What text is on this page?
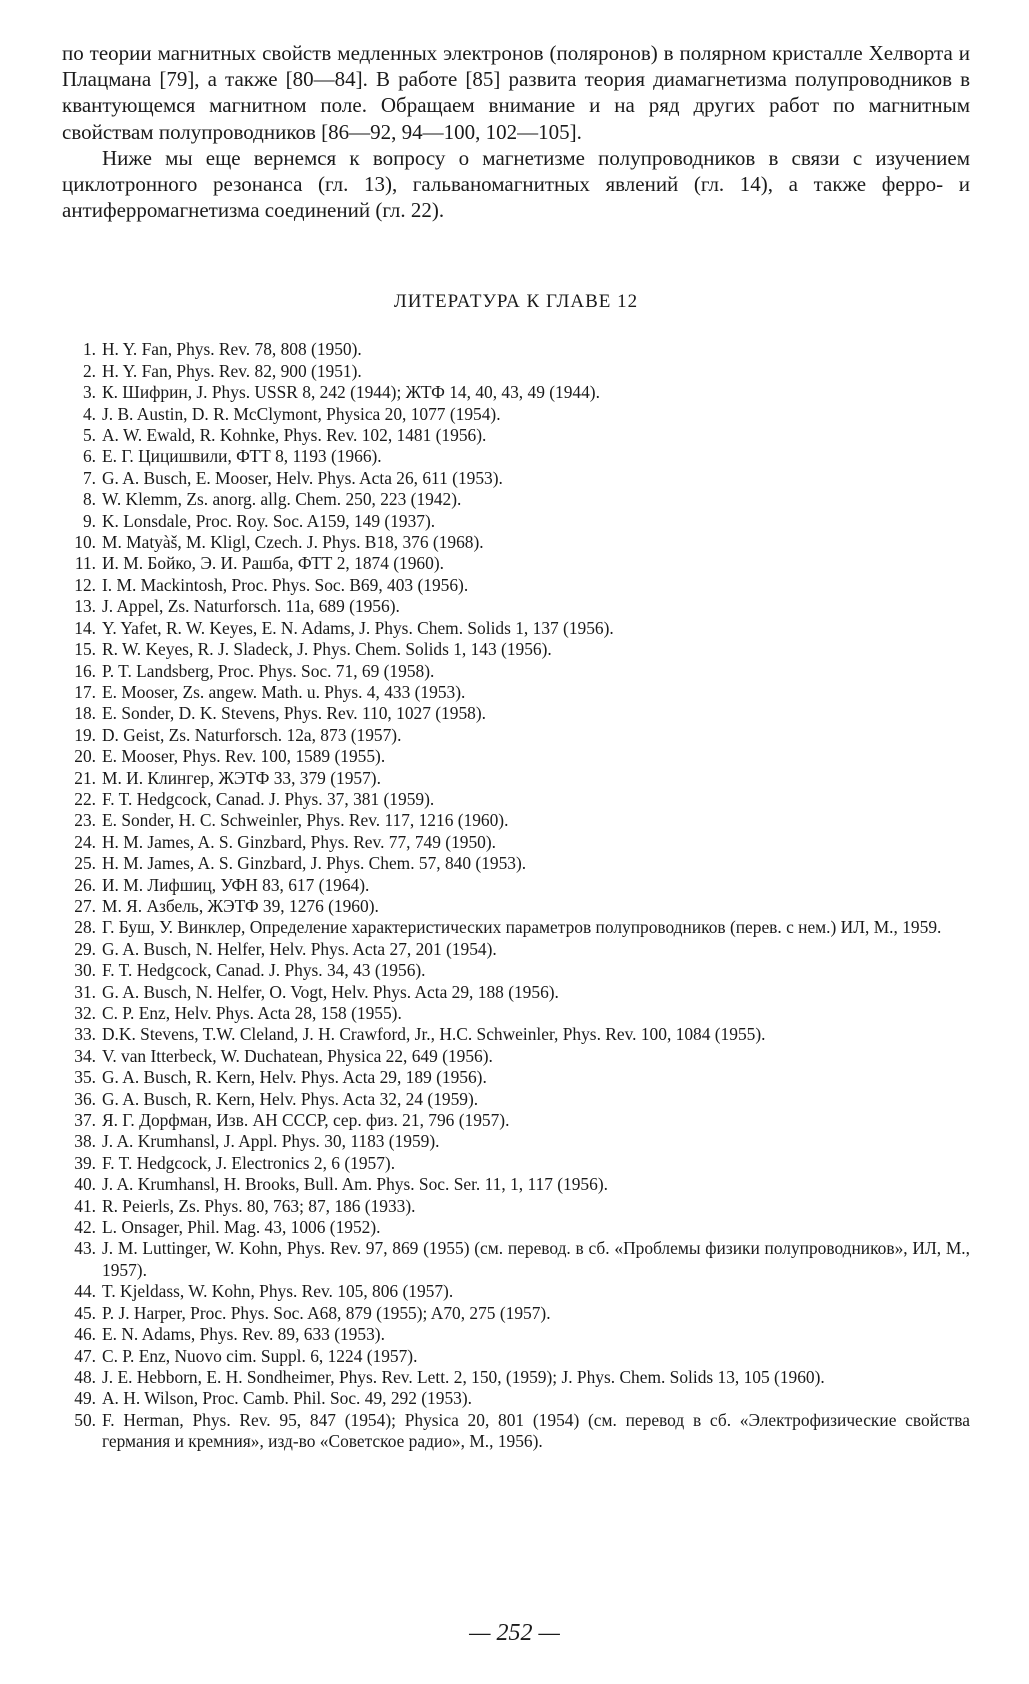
по теории магнитных свойств медленных электронов (поляронов) в полярном кристалле Хелворта и Плацмана [79], а также [80—84]. В работе [85] развита теория диамагнетизма полупроводников в квантующемся магнитном поле. Обращаем внимание и на ряд других работ по магнитным свойствам полупроводников [86—92, 94—100, 102—105].

Ниже мы еще вернемся к вопросу о магнетизме полупроводников в связи с изучением циклотронного резонанса (гл. 13), гальваномагнитных явлений (гл. 14), а также ферро- и антиферромагнетизма соединений (гл. 22).

ЛИТЕРАТУРА К ГЛАВЕ 12
1. H. Y. Fan, Phys. Rev. 78, 808 (1950).
2. H. Y. Fan, Phys. Rev. 82, 900 (1951).
3. К. Шифрин, J. Phys. USSR 8, 242 (1944); ЖТФ 14, 40, 43, 49 (1944).
4. J. B. Austin, D. R. McClymont, Physica 20, 1077 (1954).
5. A. W. Ewald, R. Kohnke, Phys. Rev. 102, 1481 (1956).
6. Е. Г. Цицишвили, ФТТ 8, 1193 (1966).
7. G. A. Busch, E. Mooser, Helv. Phys. Acta 26, 611 (1953).
8. W. Klemm, Zs. anorg. allg. Chem. 250, 223 (1942).
9. K. Lonsdale, Proc. Roy. Soc. A159, 149 (1937).
10. M. Matyàš, M. Kligl, Czech. J. Phys. B18, 376 (1968).
11. И. М. Бойко, Э. И. Рашба, ФТТ 2, 1874 (1960).
12. I. M. Mackintosh, Proc. Phys. Soc. B69, 403 (1956).
13. J. Appel, Zs. Naturforsch. 11a, 689 (1956).
14. Y. Yafet, R. W. Keyes, E. N. Adams, J. Phys. Chem. Solids 1, 137 (1956).
15. R. W. Keyes, R. J. Sladeck, J. Phys. Chem. Solids 1, 143 (1956).
16. P. T. Landsberg, Proc. Phys. Soc. 71, 69 (1958).
17. E. Mooser, Zs. angew. Math. u. Phys. 4, 433 (1953).
18. E. Sonder, D. K. Stevens, Phys. Rev. 110, 1027 (1958).
19. D. Geist, Zs. Naturforsch. 12a, 873 (1957).
20. E. Mooser, Phys. Rev. 100, 1589 (1955).
21. М. И. Клингер, ЖЭТФ 33, 379 (1957).
22. F. T. Hedgcock, Canad. J. Phys. 37, 381 (1959).
23. E. Sonder, H. C. Schweinler, Phys. Rev. 117, 1216 (1960).
24. H. M. James, A. S. Ginzbard, Phys. Rev. 77, 749 (1950).
25. H. M. James, A. S. Ginzbard, J. Phys. Chem. 57, 840 (1953).
26. И. М. Лифшиц, УФН 83, 617 (1964).
27. М. Я. Азбель, ЖЭТФ 39, 1276 (1960).
28. Г. Буш, У. Винклер, Определение характеристических параметров полупроводников (перев. с нем.) ИЛ, М., 1959.
29. G. A. Busch, N. Helfer, Helv. Phys. Acta 27, 201 (1954).
30. F. T. Hedgcock, Canad. J. Phys. 34, 43 (1956).
31. G. A. Busch, N. Helfer, O. Vogt, Helv. Phys. Acta 29, 188 (1956).
32. C. P. Enz, Helv. Phys. Acta 28, 158 (1955).
33. D.K. Stevens, T.W. Cleland, J. H. Crawford, Jr., H.C. Schweinler, Phys. Rev. 100, 1084 (1955).
34. V. van Itterbeck, W. Duchatean, Physica 22, 649 (1956).
35. G. A. Busch, R. Kern, Helv. Phys. Acta 29, 189 (1956).
36. G. A. Busch, R. Kern, Helv. Phys. Acta 32, 24 (1959).
37. Я. Г. Дорфман, Изв. АН СССР, сер. физ. 21, 796 (1957).
38. J. A. Krumhansl, J. Appl. Phys. 30, 1183 (1959).
39. F. T. Hedgcock, J. Electronics 2, 6 (1957).
40. J. A. Krumhansl, H. Brooks, Bull. Am. Phys. Soc. Ser. 11, 1, 117 (1956).
41. R. Peierls, Zs. Phys. 80, 763; 87, 186 (1933).
42. L. Onsager, Phil. Mag. 43, 1006 (1952).
43. J. M. Luttinger, W. Kohn, Phys. Rev. 97, 869 (1955) (см. перевод. в сб. «Проблемы физики полупроводников», ИЛ, М., 1957).
44. T. Kjeldass, W. Kohn, Phys. Rev. 105, 806 (1957).
45. P. J. Harper, Proc. Phys. Soc. A68, 879 (1955); A70, 275 (1957).
46. E. N. Adams, Phys. Rev. 89, 633 (1953).
47. C. P. Enz, Nuovo cim. Suppl. 6, 1224 (1957).
48. J. E. Hebborn, E. H. Sondheimer, Phys. Rev. Lett. 2, 150, (1959); J. Phys. Chem. Solids 13, 105 (1960).
49. A. H. Wilson, Proc. Camb. Phil. Soc. 49, 292 (1953).
50. F. Herman, Phys. Rev. 95, 847 (1954); Physica 20, 801 (1954) (см. перевод в сб. «Электрофизические свойства германия и кремния», изд-во «Советское радио», М., 1956).
— 252 —
